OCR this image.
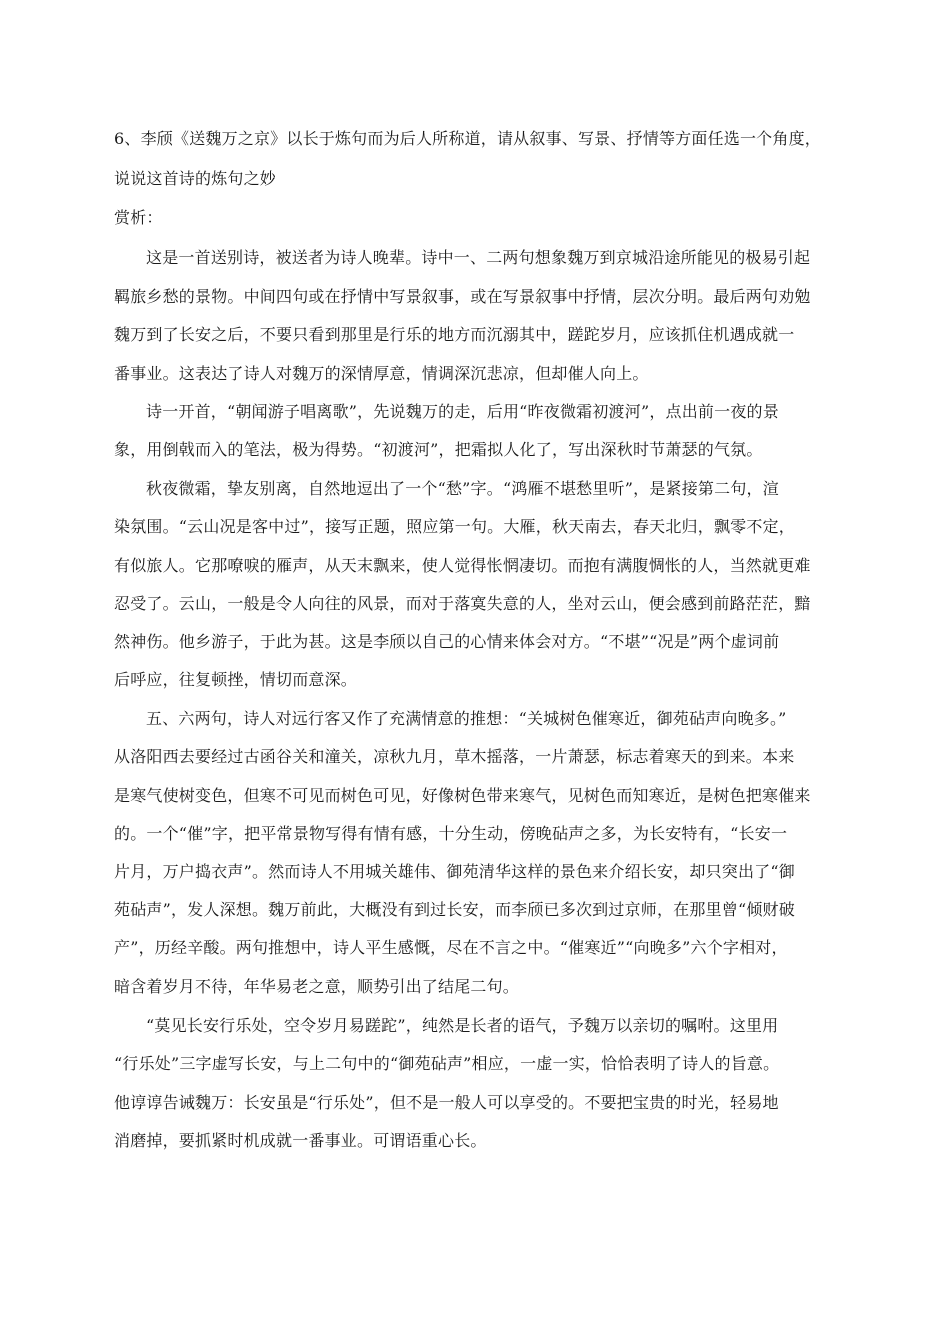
6、李颀《送魏万之京》以长于炼句而为后人所称道，请从叙事、写景、抒情等方面任选一个角度，
说说这首诗的炼句之妙
赏析：
这是一首送别诗，被送者为诗人晚辈。诗中一、二两句想象魏万到京城沿途所能见的极易引起
羁旅乡愁的景物。中间四句或在抒情中写景叙事，或在写景叙事中抒情，层次分明。最后两句劝勉
魏万到了长安之后，不要只看到那里是行乐的地方而沉溺其中，蹉跎岁月，应该抓住机遇成就一
番事业。这表达了诗人对魏万的深情厚意，情调深沉悲凉，但却催人向上。
诗一开首，“朝闻游子唱离歌”，先说魏万的走，后用“昨夜微霜初渡河”，点出前一夜的景
象，用倒戟而入的笔法，极为得势。“初渡河”，把霜拟人化了，写出深秋时节萧瑟的气氛。
秋夜微霜，挚友别离，自然地逗出了一个“愁”字。“鸿雁不堪愁里听”，是紧接第二句，渲
染氛围。“云山况是客中过”，接写正题，照应第一句。大雁，秋天南去，春天北归，飘零不定，
有似旅人。它那嘹唳的雁声，从天末飘来，使人觉得怅惘凄切。而抱有满腹惆怅的人，当然就更难
忍受了。云山，一般是令人向往的风景，而对于落寞失意的人，坐对云山，便会感到前路茫茫，黯
然神伤。他乡游子，于此为甚。这是李颀以自己的心情来体会对方。“不堪”“况是”两个虚词前
后呼应，往复顿挫，情切而意深。
五、六两句，诗人对远行客又作了充满情意的推想：“关城树色催寒近，御苑砧声向晚多。”
从洛阳西去要经过古函谷关和潼关，凉秋九月，草木摇落，一片萧瑟，标志着寒天的到来。本来
是寒气使树变色，但寒不可见而树色可见，好像树色带来寒气，见树色而知寒近，是树色把寒催来
的。一个“催”字，把平常景物写得有情有感，十分生动，傍晚砧声之多，为长安特有，“长安一
片月，万户捣衣声”。然而诗人不用城关雄伟、御苑清华这样的景色来介绍长安，却只突出了“御
苑砧声”，发人深想。魏万前此，大概没有到过长安，而李颀已多次到过京师，在那里曾“倾财破
产”，历经辛酸。两句推想中，诗人平生感慨，尽在不言之中。“催寒近”“向晚多”六个字相对，
暗含着岁月不待，年华易老之意，顺势引出了结尾二句。
“莫见长安行乐处，空令岁月易蹉跎”，纯然是长者的语气，予魏万以亲切的嘱咐。这里用
“行乐处”三字虚写长安，与上二句中的“御苑砧声”相应，一虚一实，恰恰表明了诗人的旨意。
他谆谆告诫魏万：长安虽是“行乐处”，但不是一般人可以享受的。不要把宝贵的时光，轻易地
消磨掉，要抓紧时机成就一番事业。可谓语重心长。
